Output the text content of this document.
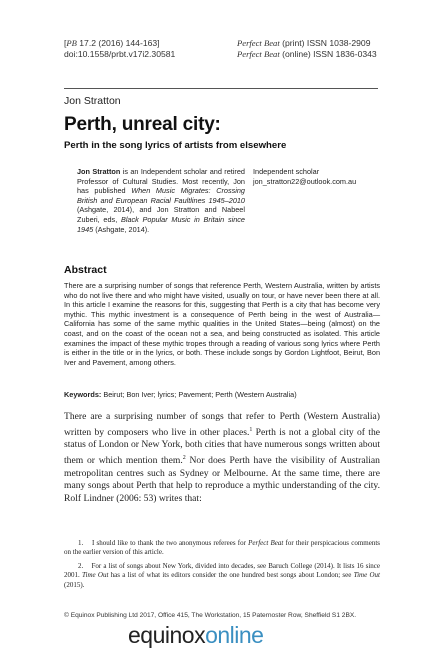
[PB 17.2 (2016) 144-163]
doi:10.1558/prbt.v17i2.30581
Perfect Beat (print) ISSN 1038-2909
Perfect Beat (online) ISSN 1836-0343
Jon Stratton
Perth, unreal city:
Perth in the song lyrics of artists from elsewhere
Jon Stratton is an Independent scholar and retired Professor of Cultural Studies. Most recently, Jon has published When Music Migrates: Crossing British and European Racial Faultlines 1945–2010 (Ashgate, 2014), and Jon Stratton and Nabeel Zuberi, eds, Black Popular Music in Britain since 1945 (Ashgate, 2014).
Independent scholar
jon_stratton22@outlook.com.au
Abstract
There are a surprising number of songs that reference Perth, Western Australia, written by artists who do not live there and who might have visited, usually on tour, or have never been there at all. In this article I examine the reasons for this, suggesting that Perth is a city that has become very mythic. This mythic investment is a consequence of Perth being in the west of Australia—California has some of the same mythic qualities in the United States—being (almost) on the coast, and on the coast of the ocean not a sea, and being constructed as isolated. This article examines the impact of these mythic tropes through a reading of various song lyrics where Perth is either in the title or in the lyrics, or both. These include songs by Gordon Lightfoot, Beirut, Bon Iver and Pavement, among others.
Keywords: Beirut; Bon Iver; lyrics; Pavement; Perth (Western Australia)
There are a surprising number of songs that refer to Perth (Western Australia) written by composers who live in other places.$^1$ Perth is not a global city of the status of London or New York, both cities that have numerous songs written about them or which mention them.$^2$ Nor does Perth have the visibility of Australian metropolitan centres such as Sydney or Melbourne. At the same time, there are many songs about Perth that help to reproduce a mythic understanding of the city. Rolf Lindner (2006: 53) writes that:

1.    I should like to thank the two anonymous referees for Perfect Beat for their perspicacious comments on the earlier version of this article.

2.    For a list of songs about New York, divided into decades, see Baruch College (2014). It lists 16 since 2001. Time Out has a list of what its editors consider the one hundred best songs about London; see Time Out (2015).

© Equinox Publishing Ltd 2017, Office 415, The Workstation, 15 Paternoster Row, Sheffield S1 2BX.
equinoxonline
